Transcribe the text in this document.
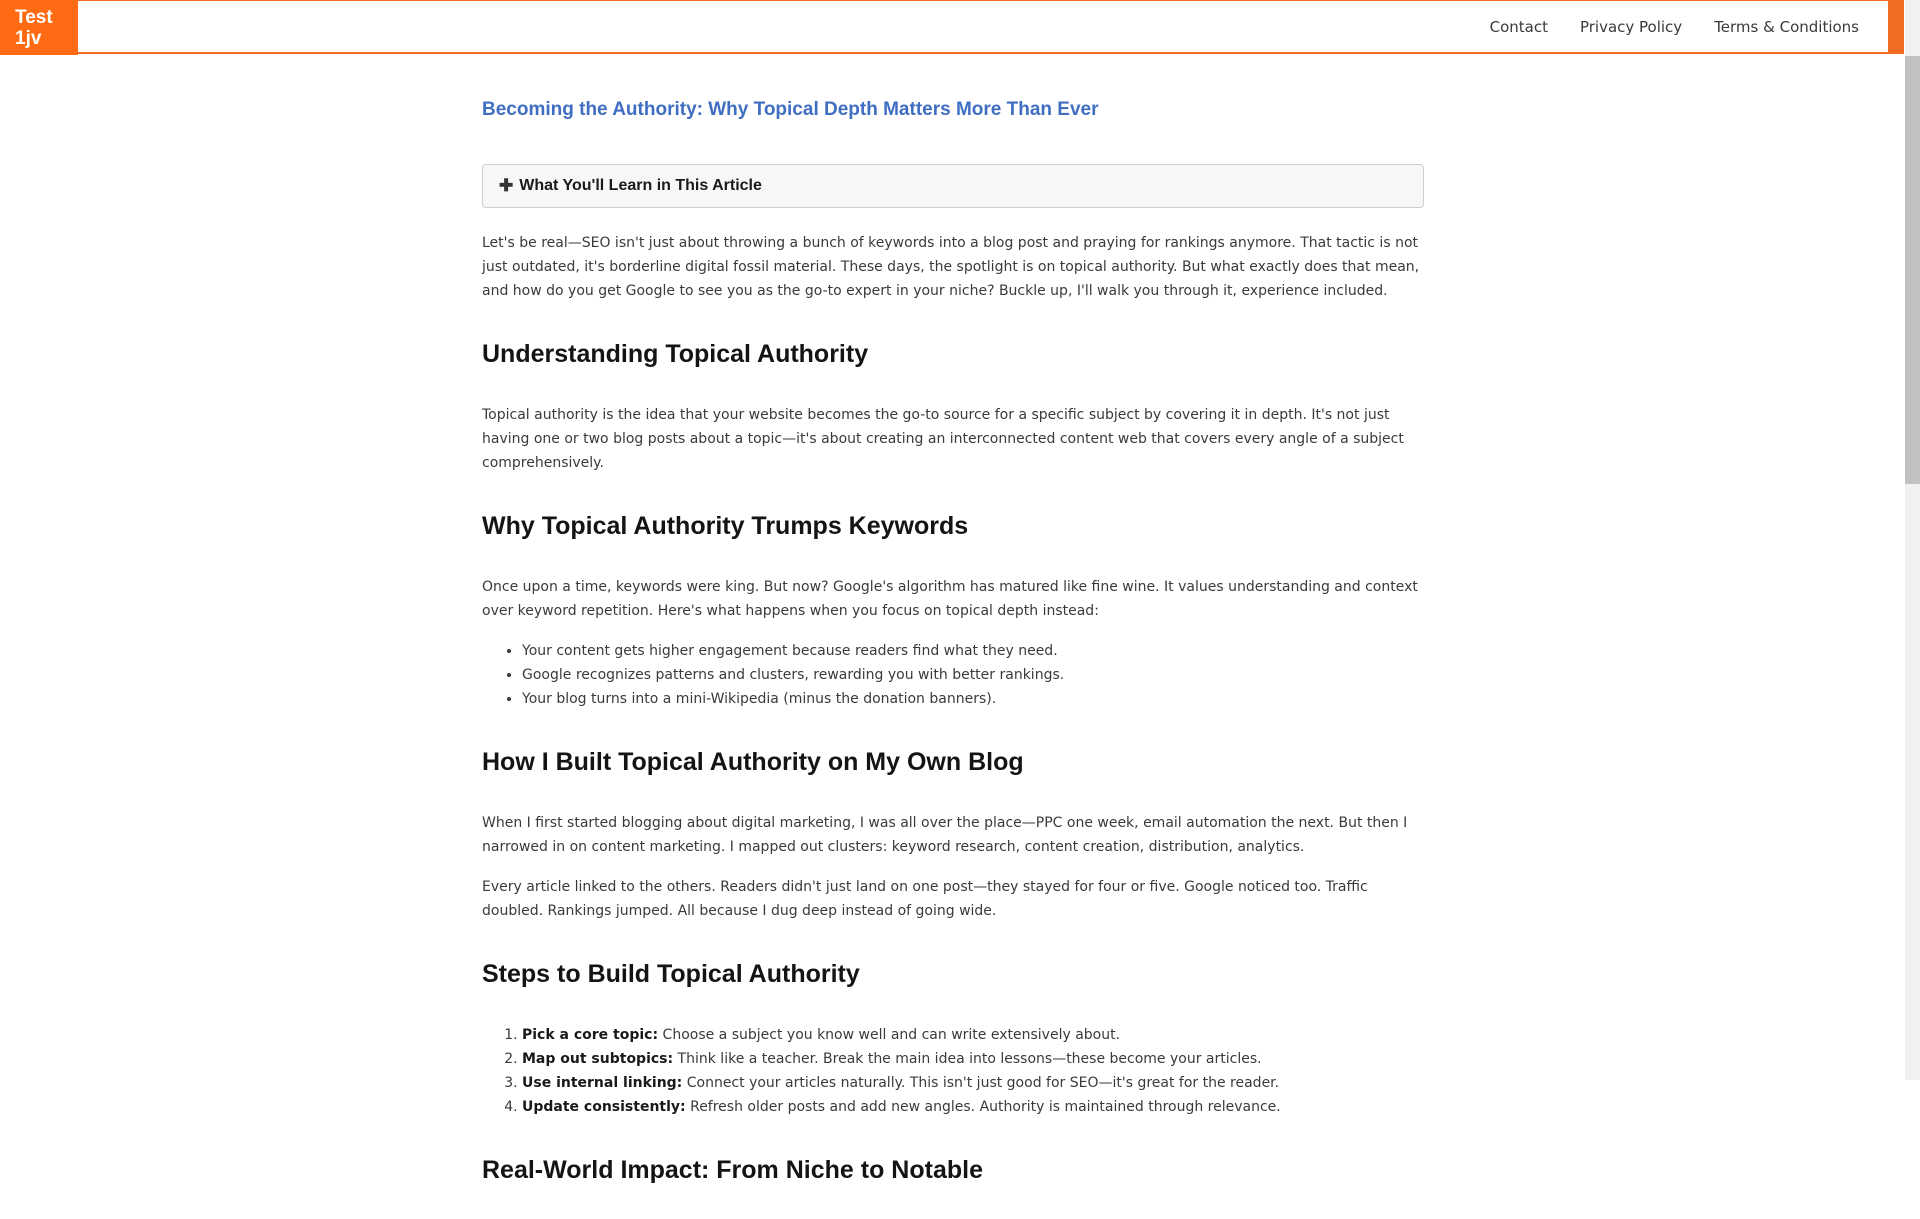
Test
1jv
Contact Privacy Policy Terms & Conditions
Becoming the Authority: Why Topical Depth Matters More Than Ever
✚ What You'll Learn in This Article

Let's be real—SEO isn't just about throwing a bunch of keywords into a blog post and praying for rankings anymore. That tactic is not just outdated, it's borderline digital fossil material. These days, the spotlight is on topical authority. But what exactly does that mean, and how do you get Google to see you as the go-to expert in your niche? Buckle up, I'll walk you through it, experience included.

Understanding Topical Authority

Topical authority is the idea that your website becomes the go-to source for a specific subject by covering it in depth. It's not just having one or two blog posts about a topic—it's about creating an interconnected content web that covers every angle of a subject comprehensively.

Why Topical Authority Trumps Keywords

Once upon a time, keywords were king. But now? Google's algorithm has matured like fine wine. It values understanding and context over keyword repetition. Here's what happens when you focus on topical depth instead:

• Your content gets higher engagement because readers find what they need.
• Google recognizes patterns and clusters, rewarding you with better rankings.
• Your blog turns into a mini-Wikipedia (minus the donation banners).
How I Built Topical Authority on My Own Blog

When I first started blogging about digital marketing, I was all over the place—PPC one week, email automation the next. But then I narrowed in on content marketing. I mapped out clusters: keyword research, content creation, distribution, analytics.

Every article linked to the others. Readers didn't just land on one post—they stayed for four or five. Google noticed too. Traffic doubled. Rankings jumped. All because I dug deep instead of going wide.

Steps to Build Topical Authority
1. Pick a core topic: Choose a subject you know well and can write extensively about.
2. Map out subtopics: Think like a teacher. Break the main idea into lessons—these become your articles.
3. Use internal linking: Connect your articles naturally. This isn't just good for SEO—it's great for the reader.
4. Update consistently: Refresh older posts and add new angles. Authority is maintained through relevance.
Real-World Impact: From Niche to Notable
